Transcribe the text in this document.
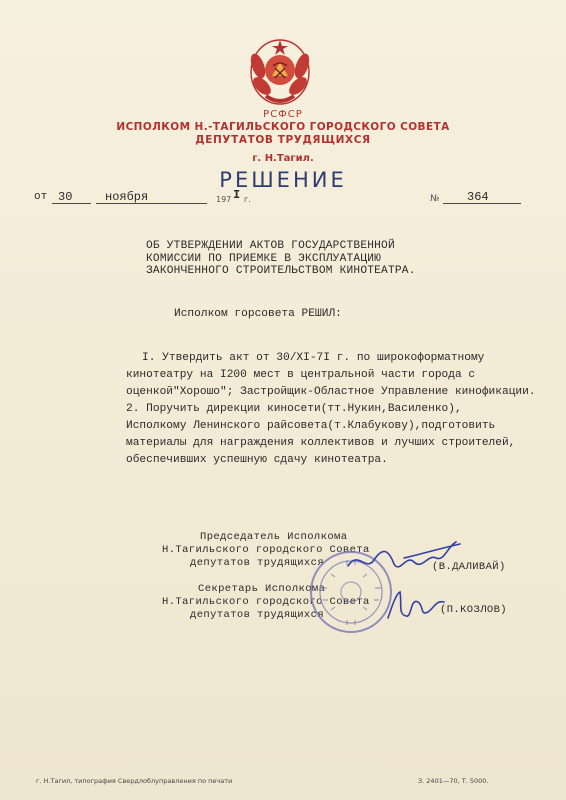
РСФСР
ИСПОЛКОМ Н.-ТАГИЛЬСКОГО ГОРОДСКОГО СОВЕТА
ДЕПУТАТОВ ТРУДЯЩИХСЯ
г. Н.Тагил.
РЕШЕНИЕ
от 30	ноября	197 I г.	№ 364
ОБ УТВЕРЖДЕНИИ АКТОВ ГОСУДАРСТВЕННОЙ
КОМИССИИ ПО ПРИЕМКЕ В ЭКСПЛУАТАЦИЮ
ЗАКОНЧЕННОГО СТРОИТЕЛЬСТВОМ КИНОТЕАТРА.
Исполком горсовета РЕШИЛ:
I. Утвердить акт от 30/XI-7I г. по широкоформатному
кинотеатру на I200 мест в центральной части города с
оценкой"Хорошо"; Застройщик-Областное Управление кинофикации.
2. Поручить дирекции киносети(тт.Нукин,Василенко),
Исполкому Ленинского райсовета(т.Клабукову),подготовить
материалы для награждения коллективов и лучших строителей,
обеспечивших успешную сдачу кинотеатра.
Председатель Исполкома
Н.Тагильского городского Совета
депутатов трудящихся	(В.ДАЛИВАЙ)
Секретарь Исполкома
Н.Тагильского городского Совета
депутатов трудящихся	(П.КОЗЛОВ)
г. Н.Тагил, типография Свердлоблуправления по печати	З. 2401—70, Т. 5000.
